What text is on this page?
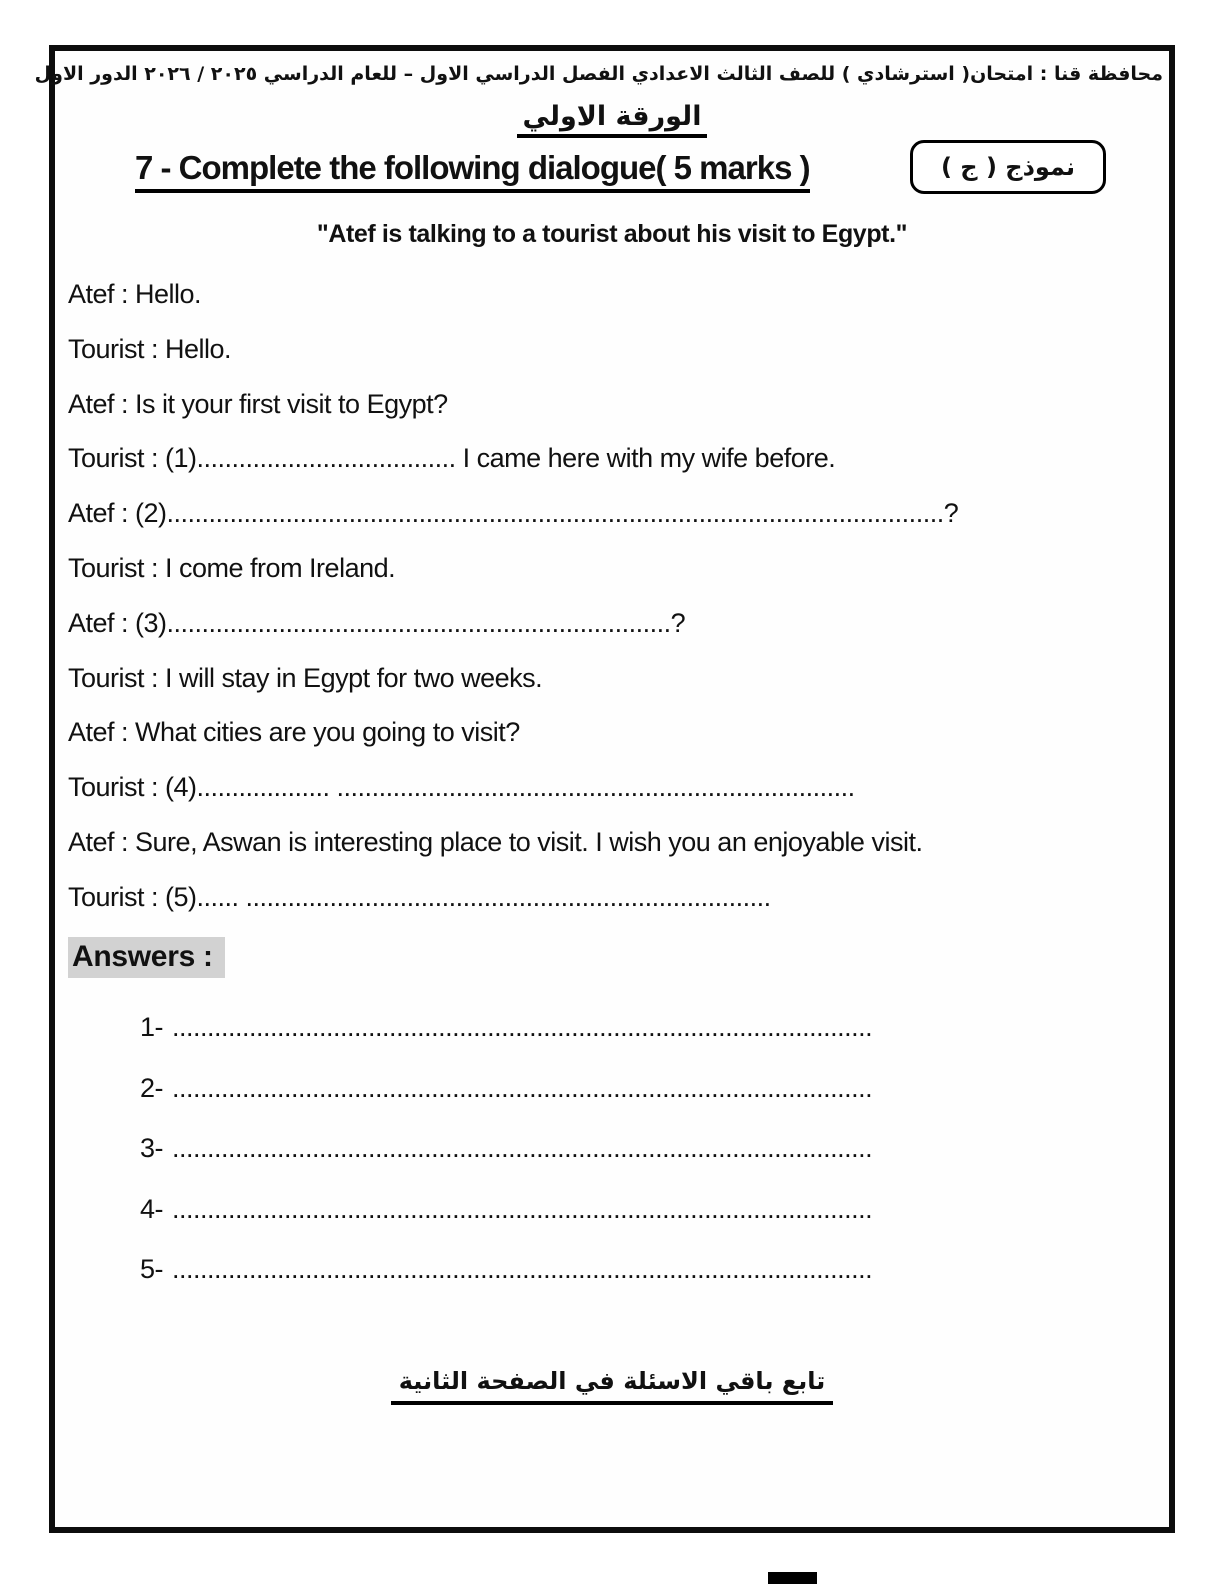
محافظة قنا : امتحان( استرشادي ) للصف الثالث الاعدادي الفصل الدراسي الاول – للعام الدراسي ٢٠٢٥ / ٢٠٢٦ الدور الاول
الورقة الاولي
7 - Complete the following dialogue( 5 marks )	نموذج ( ج )
"Atef is talking to a tourist about his visit to Egypt."

Atef : Hello.

Tourist : Hello.

Atef : Is it your first visit to Egypt?

Tourist : (1)..................................... I came here with my wife before.

Atef : (2)...............................................................................................................?

Tourist : I come from Ireland.

Atef : (3)........................................................................?

Tourist : I will stay in Egypt for two weeks.

Atef : What cities are you going to visit?

Tourist : (4)................... ..........................................................................

Atef : Sure, Aswan is interesting place to visit. I wish you an enjoyable visit.

Tourist : (5)...... ...........................................................................

Answers :
1- ....................................................................................................
2- ....................................................................................................
3- ....................................................................................................
4- ....................................................................................................
5- ....................................................................................................
تابع باقي الاسئلة في الصفحة الثانية
